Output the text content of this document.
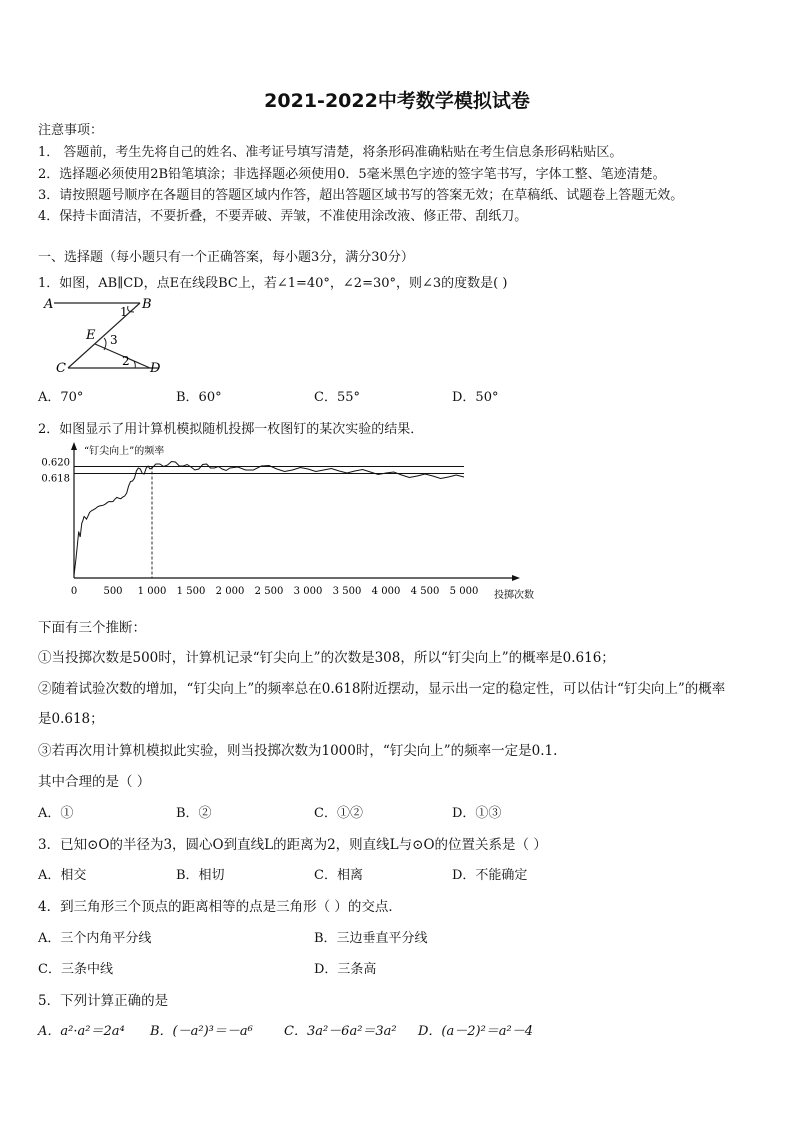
2021-2022中考数学模拟试卷
注意事项：
1． 答题前，考生先将自己的姓名、准考证号填写清楚，将条形码准确粘贴在考生信息条形码粘贴区。
2．选择题必须使用2B铅笔填涂；非选择题必须使用0．5毫米黑色字迹的签字笔书写，字体工整、笔迹清楚。
3．请按照题号顺序在各题目的答题区域内作答，超出答题区域书写的答案无效；在草稿纸、试题卷上答题无效。
4．保持卡面清洁，不要折叠，不要弄破、弄皱，不准使用涂改液、修正带、刮纸刀。
一、选择题（每小题只有一个正确答案，每小题3分，满分30分）
1．如图，AB∥CD，点E在线段BC上，若∠1=40°，∠2=30°，则∠3的度数是( )
A	B
C	D
E
1
3
2
A．70°	B．60°	C．55°	D．50°
2．如图显示了用计算机模拟随机投掷一枚图钉的某次实验的结果．
“钉尖向上”的频率
投掷次数
0	500 1 000 1 500 2 000 2 500 3 000 3 500 4 000 4 500 5 000
0.620
0.618
下面有三个推断：
①当投掷次数是500时，计算机记录“钉尖向上”的次数是308，所以“钉尖向上”的概率是0.616；
②随着试验次数的增加，“钉尖向上”的频率总在0.618附近摆动，显示出一定的稳定性，可以估计“钉尖向上”的概率
是0.618；
③若再次用计算机模拟此实验，则当投掷次数为1000时，“钉尖向上”的频率一定是0.1.
其中合理的是（ ）
A．①	B．②	C．①②	D．①③
3．已知⊙O的半径为3，圆心O到直线L的距离为2，则直线L与⊙O的位置关系是（ ）
A．相交	B．相切	C．相离	D．不能确定
4．到三角形三个顶点的距离相等的点是三角形（ ）的交点．
A．三个内角平分线	B．三边垂直平分线
C．三条中线	D．三条高
5．下列计算正确的是
A．a²·a²＝2a⁴ B．(－a²)³＝－a⁶ C．3a²－6a²＝3a² D．(a－2)²＝a²－4
